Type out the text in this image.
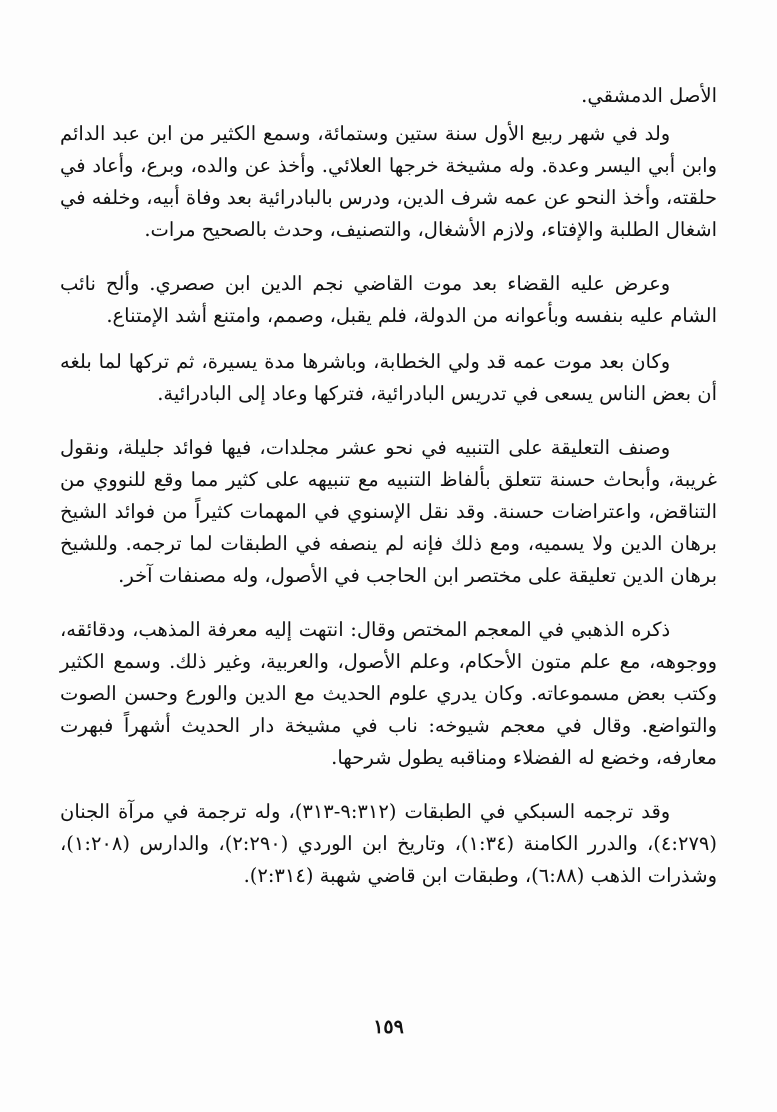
الأصل الدمشقي.

ولد في شهر ربيع الأول سنة ستين وستمائة، وسمع الكثير من ابن عبد الدائم وابن أبي اليسر وعدة. وله مشيخة خرجها العلائي. وأخذ عن والده، وبرع، وأعاد في حلقته، وأخذ النحو عن عمه شرف الدين، ودرس بالبادرائية بعد وفاة أبيه، وخلفه في اشغال الطلبة والإفتاء، ولازم الأشغال، والتصنيف، وحدث بالصحيح مرات.

وعرض عليه القضاء بعد موت القاضي نجم الدين ابن صصري. وألح نائب الشام عليه بنفسه وبأعوانه من الدولة، فلم يقبل، وصمم، وامتنع أشد الإمتناع.

وكان بعد موت عمه قد ولي الخطابة، وباشرها مدة يسيرة، ثم تركها لما بلغه أن بعض الناس يسعى في تدريس البادرائية، فتركها وعاد إلى البادرائية.

وصنف التعليقة على التنبيه في نحو عشر مجلدات، فيها فوائد جليلة، ونقول غريبة، وأبحاث حسنة تتعلق بألفاظ التنبيه مع تنبيهه على كثير مما وقع للنووي من التناقض، واعتراضات حسنة. وقد نقل الإسنوي في المهمات كثيراً من فوائد الشيخ برهان الدين ولا يسميه، ومع ذلك فإنه لم ينصفه في الطبقات لما ترجمه. وللشيخ برهان الدين تعليقة على مختصر ابن الحاجب في الأصول، وله مصنفات آخر.

ذكره الذهبي في المعجم المختص وقال: انتهت إليه معرفة المذهب، ودقائقه، ووجوهه، مع علم متون الأحكام، وعلم الأصول، والعربية، وغير ذلك. وسمع الكثير وكتب بعض مسموعاته. وكان يدري علوم الحديث مع الدين والورع وحسن الصوت والتواضع. وقال في معجم شيوخه: ناب في مشيخة دار الحديث أشهراً فبهرت معارفه، وخضع له الفضلاء ومناقبه يطول شرحها.

وقد ترجمه السبكي في الطبقات (٩:٣١٢-٣١٣)، وله ترجمة في مرآة الجنان (٤:٢٧٩)، والدرر الكامنة (١:٣٤)، وتاريخ ابن الوردي (٢:٢٩٠)، والدارس (١:٢٠٨)، وشذرات الذهب (٦:٨٨)، وطبقات ابن قاضي شهبة (٢:٣١٤).

١٥٩
